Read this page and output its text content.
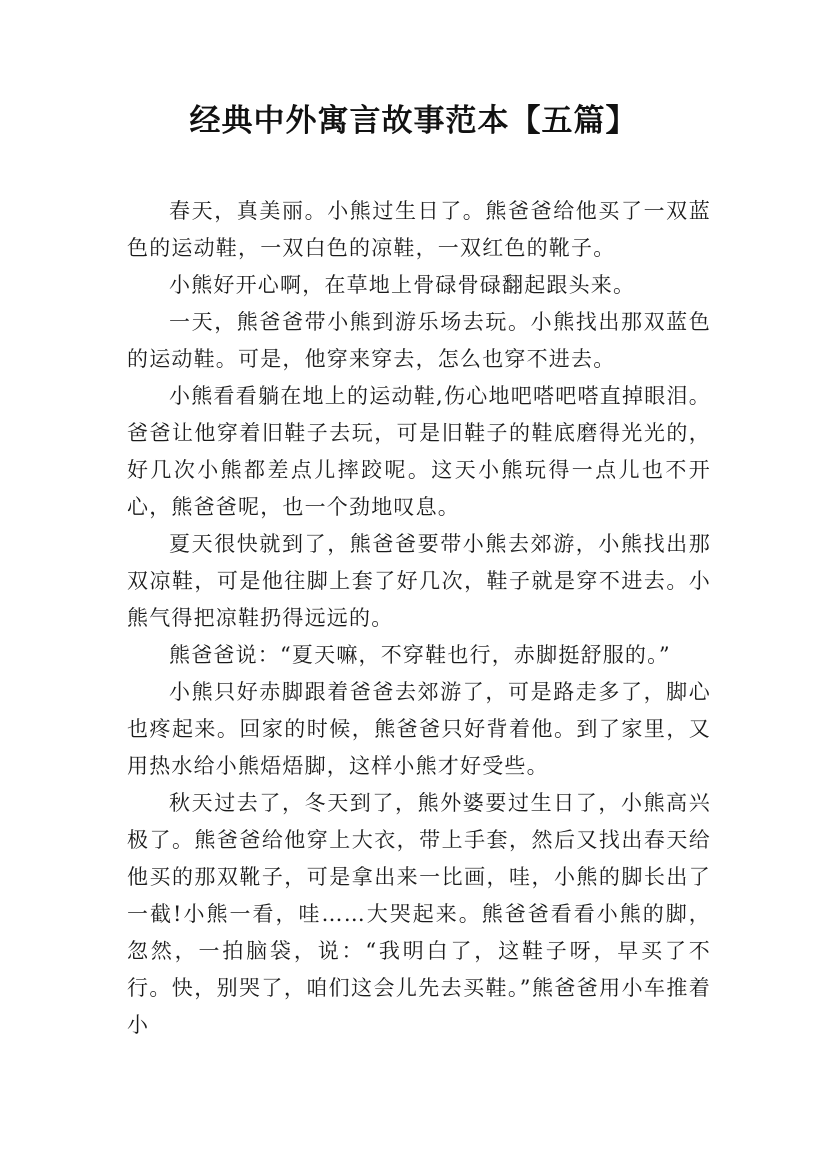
经典中外寓言故事范本【五篇】

春天，真美丽。小熊过生日了。熊爸爸给他买了一双蓝色的运动鞋，一双白色的凉鞋，一双红色的靴子。

小熊好开心啊，在草地上骨碌骨碌翻起跟头来。

一天，熊爸爸带小熊到游乐场去玩。小熊找出那双蓝色的运动鞋。可是，他穿来穿去，怎么也穿不进去。

小熊看看躺在地上的运动鞋,伤心地吧嗒吧嗒直掉眼泪。爸爸让他穿着旧鞋子去玩，可是旧鞋子的鞋底磨得光光的，好几次小熊都差点儿摔跤呢。这天小熊玩得一点儿也不开心，熊爸爸呢，也一个劲地叹息。

夏天很快就到了，熊爸爸要带小熊去郊游，小熊找出那双凉鞋，可是他往脚上套了好几次，鞋子就是穿不进去。小熊气得把凉鞋扔得远远的。

熊爸爸说：“夏天嘛，不穿鞋也行，赤脚挺舒服的。”

小熊只好赤脚跟着爸爸去郊游了，可是路走多了，脚心也疼起来。回家的时候，熊爸爸只好背着他。到了家里，又用热水给小熊焐焐脚，这样小熊才好受些。

秋天过去了，冬天到了，熊外婆要过生日了，小熊高兴极了。熊爸爸给他穿上大衣，带上手套，然后又找出春天给他买的那双靴子，可是拿出来一比画，哇，小熊的脚长出了一截!小熊一看，哇……大哭起来。熊爸爸看看小熊的脚，忽然，一拍脑袋，说：“我明白了，这鞋子呀，早买了不行。快，别哭了，咱们这会儿先去买鞋。”熊爸爸用小车推着小
